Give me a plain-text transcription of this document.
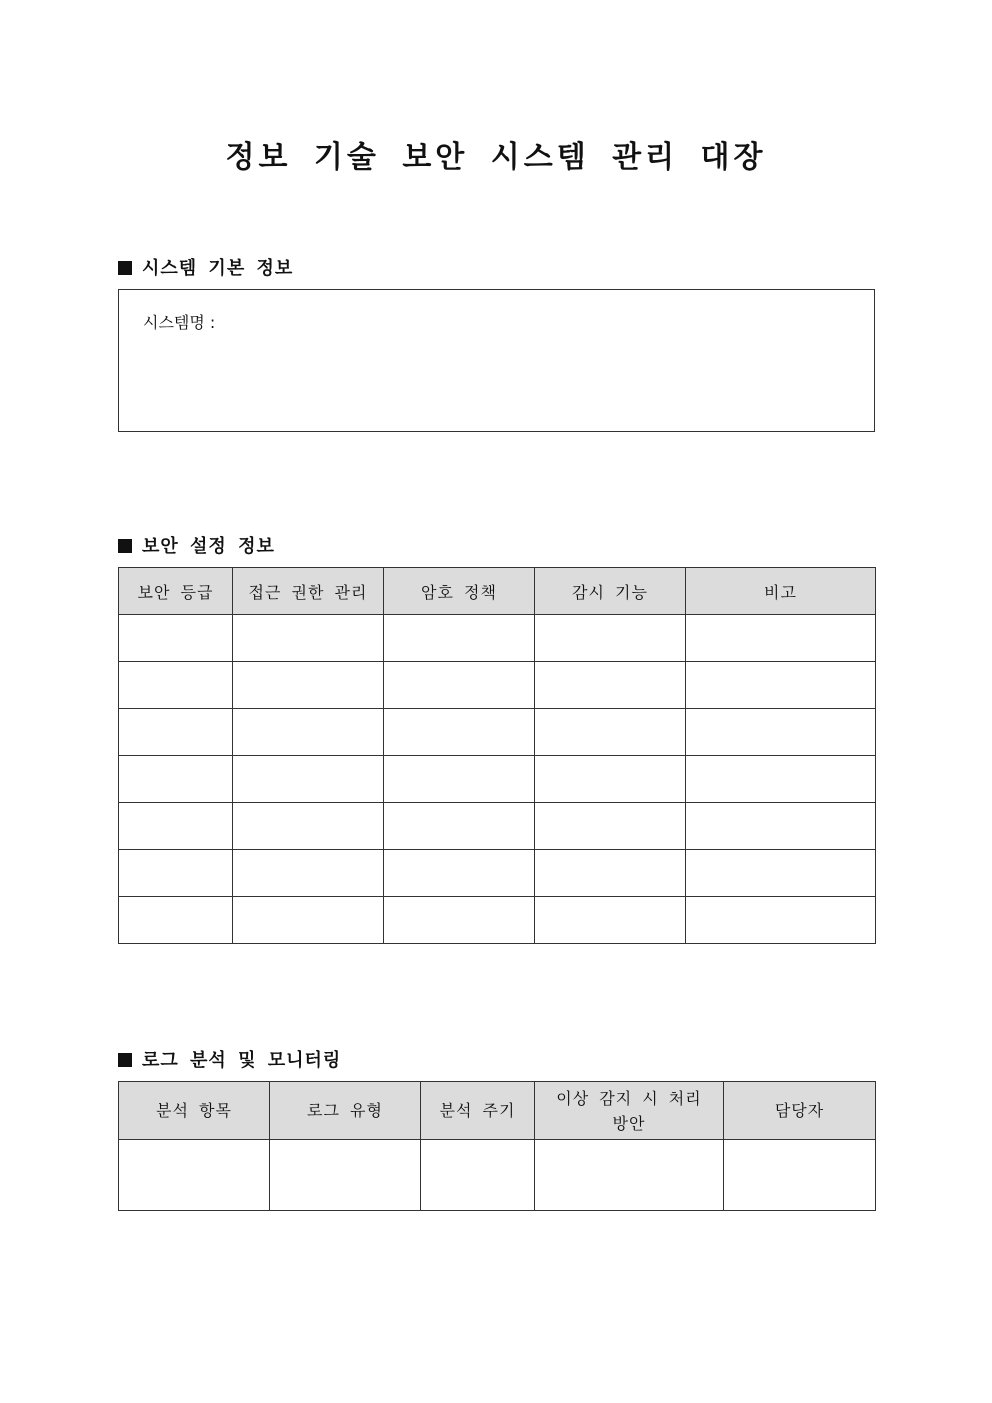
정보 기술 보안 시스템 관리 대장
시스템 기본 정보
시스템명 :
보안 설정 정보
보안 등급	접근 권한 관리	암호 정책	감시 기능	비고

로그 분석 및 모니터링
분석 항목	로그 유형	분석 주기	이상 감지 시 처리 방안	담당자
